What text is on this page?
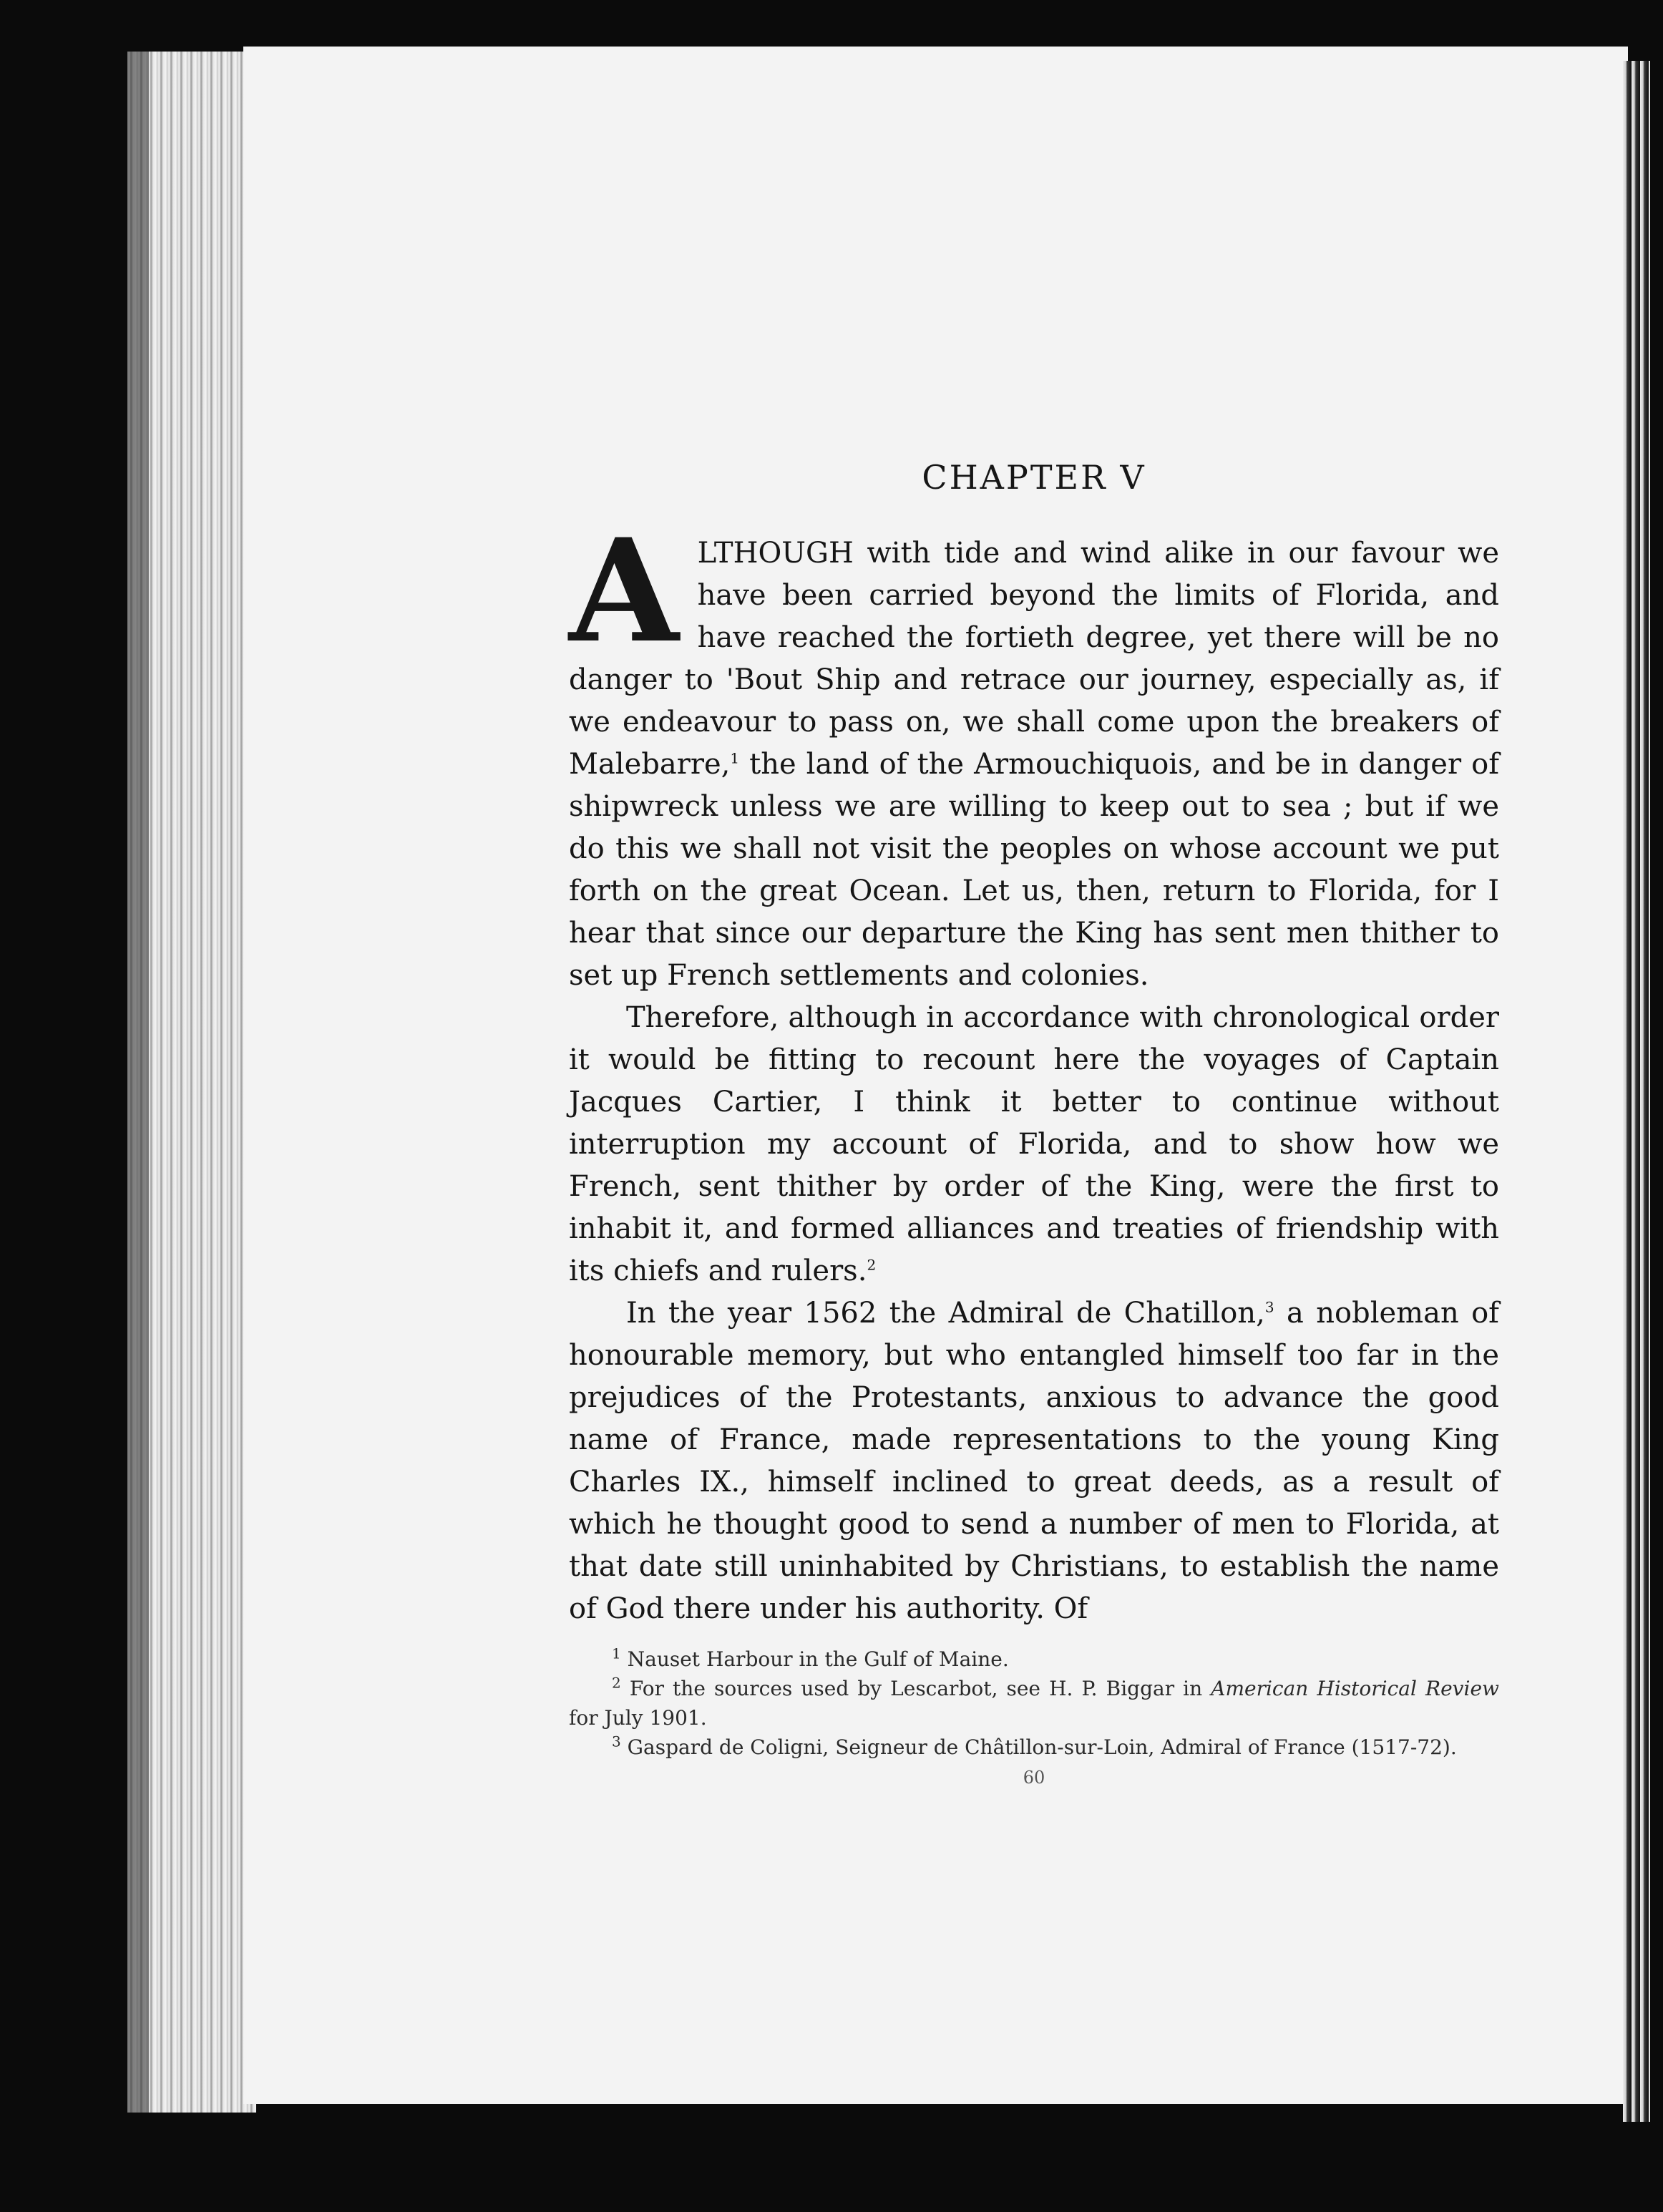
CHAPTER V

ALTHOUGH with tide and wind alike in our favour we have been carried beyond the limits of Florida, and have reached the fortieth degree, yet there will be no danger to 'Bout Ship and retrace our journey, especially as, if we endeavour to pass on, we shall come upon the breakers of Malebarre,$^1$ the land of the Armouchiquois, and be in danger of shipwreck unless we are willing to keep out to sea ; but if we do this we shall not visit the peoples on whose account we put forth on the great Ocean. Let us, then, return to Florida, for I hear that since our departure the King has sent men thither to set up French settlements and colonies.

Therefore, although in accordance with chronological order it would be fitting to recount here the voyages of Captain Jacques Cartier, I think it better to continue without interruption my account of Florida, and to show how we French, sent thither by order of the King, were the first to inhabit it, and formed alliances and treaties of friendship with its chiefs and rulers.$^2$

In the year 1562 the Admiral de Chatillon,$^3$ a nobleman of honourable memory, but who entangled himself too far in the prejudices of the Protestants, anxious to advance the good name of France, made representations to the young King Charles IX., himself inclined to great deeds, as a result of which he thought good to send a number of men to Florida, at that date still uninhabited by Christians, to establish the name of God there under his authority. Of

$^1$ Nauset Harbour in the Gulf of Maine.

$^2$ For the sources used by Lescarbot, see H. P. Biggar in American Historical Review for July 1901.

$^3$ Gaspard de Coligni, Seigneur de Châtillon-sur-Loin, Admiral of France (1517-72).

60
